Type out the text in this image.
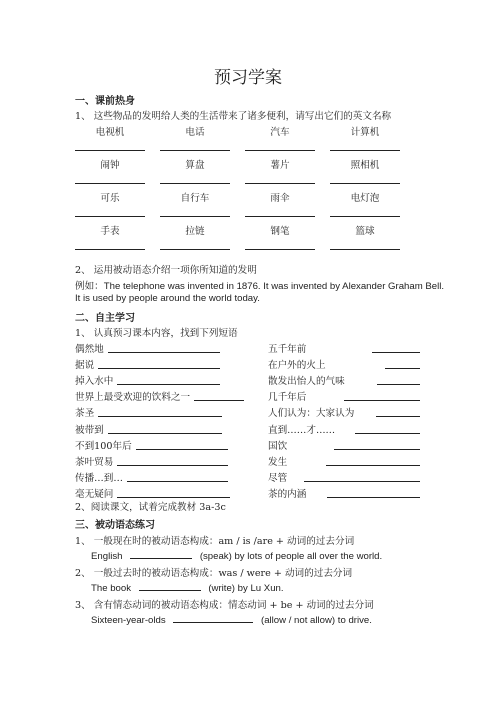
预习学案
一、课前热身
1、 这些物品的发明给人类的生活带来了诸多便利，请写出它们的英文名称
电视机	电话	汽车	计算机
闹钟	算盘	薯片	照相机
可乐	自行车	雨伞	电灯泡
手表	拉链	钢笔	篮球
2、 运用被动语态介绍一项你所知道的发明
例如：The telephone was invented in 1876. It was invented by Alexander Graham Bell.
It is used by people around the world today.
二、自主学习
1、 认真预习课本内容，找到下列短语
偶然地	五千年前
据说	在户外的火上
掉入水中	散发出怡人的气味
世界上最受欢迎的饮料之一	几千年后
茶圣	人们认为：大家认为
被带到	直到……才……
不到100年后	国饮
茶叶贸易	发生
传播…到…	尽管
毫无疑问	茶的内涵
2、阅读课文，试着完成教材 3a-3c
三、被动语态练习
1、 一般现在时的被动语态构成：am / is /are + 动词的过去分词
English	(speak) by lots of people all over the world.
2、 一般过去时的被动语态构成：was / were + 动词的过去分词
The book	(write) by Lu Xun.
3、 含有情态动词的被动语态构成：情态动词 + be + 动词的过去分词
Sixteen-year-olds	(allow / not allow) to drive.
